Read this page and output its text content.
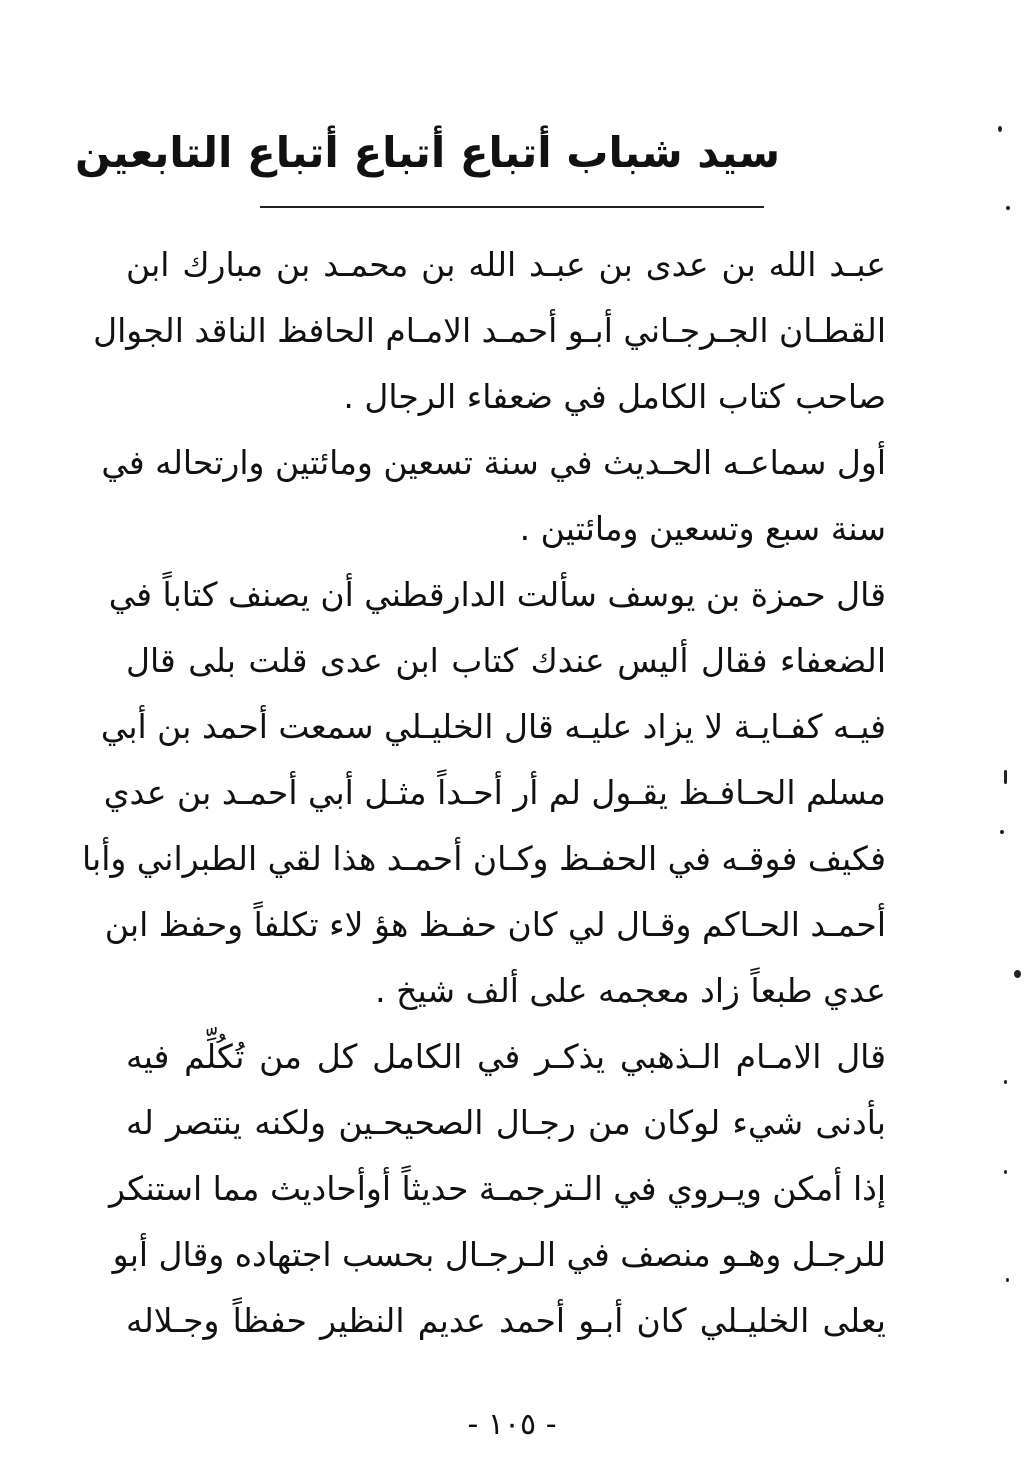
سيد شباب أتباع أتباع أتباع التابعين
عبـد الله بن عدى بن عبـد الله بن محمـد بن مبارك ابن
القطـان الجـرجـاني أبـو أحمـد الامـام الحافظ الناقد الجوال
صاحب كتاب الكامل في ضعفاء الرجال .
أول سماعـه الحـديث في سنة تسعين ومائتين وارتحاله في
سنة سبع وتسعين ومائتين .
قال حمزة بن يوسف سألت الدارقطني أن يصنف كتاباً في
الضعفاء فقال أليس عندك كتاب ابن عدى قلت بلى قال
فيـه كفـايـة لا يزاد عليـه قال الخليـلي سمعت أحمد بن أبي
مسلم الحـافـظ يقـول لم أر أحـداً مثـل أبي أحمـد بن عدي
فكيف فوقـه في الحفـظ وكـان أحمـد هذا لقي الطبراني وأبا
أحمـد الحـاكم وقـال لي كان حفـظ هؤ لاء تكلفاً وحفظ ابن
عدي طبعاً زاد معجمه على ألف شيخ .
قال الامـام الـذهبي يذكـر في الكامل كل من تُكُلِّم فيه
بأدنى شيء لوكان من رجـال الصحيحـين ولكنه ينتصر له
إذا أمكن ويـروي في الـترجمـة حديثاً أوأحاديث مما استنكر
للرجـل وهـو منصف في الـرجـال بحسب اجتهاده وقال أبو
يعلى الخليـلي كان أبـو أحمد عديم النظير حفظاً وجـلاله
- ١٠٥ -
